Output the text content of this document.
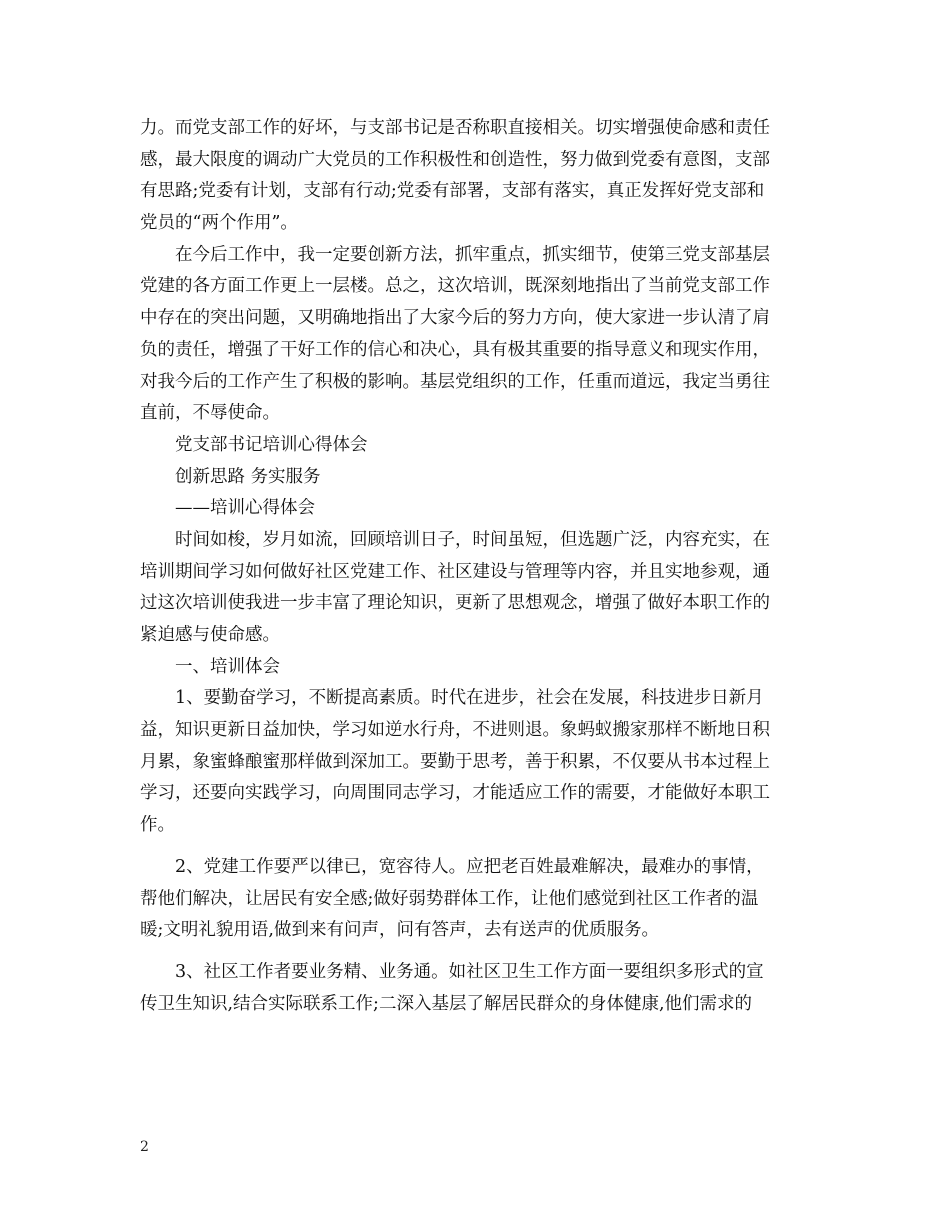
力。而党支部工作的好坏，与支部书记是否称职直接相关。切实增强使命感和责任
感，最大限度的调动广大党员的工作积极性和创造性，努力做到党委有意图，支部
有思路;党委有计划，支部有行动;党委有部署，支部有落实，真正发挥好党支部和
党员的“两个作用”。
在今后工作中，我一定要创新方法，抓牢重点，抓实细节，使第三党支部基层
党建的各方面工作更上一层楼。总之，这次培训，既深刻地指出了当前党支部工作
中存在的突出问题，又明确地指出了大家今后的努力方向，使大家进一步认清了肩
负的责任，增强了干好工作的信心和决心，具有极其重要的指导意义和现实作用，
对我今后的工作产生了积极的影响。基层党组织的工作，任重而道远，我定当勇往
直前，不辱使命。
党支部书记培训心得体会
创新思路 务实服务
——培训心得体会
时间如梭，岁月如流，回顾培训日子，时间虽短，但选题广泛，内容充实，在
培训期间学习如何做好社区党建工作、社区建设与管理等内容，并且实地参观，通
过这次培训使我进一步丰富了理论知识，更新了思想观念，增强了做好本职工作的
紧迫感与使命感。
一、培训体会
1、要勤奋学习，不断提高素质。时代在进步，社会在发展，科技进步日新月
益，知识更新日益加快，学习如逆水行舟，不进则退。象蚂蚁搬家那样不断地日积
月累，象蜜蜂酿蜜那样做到深加工。要勤于思考，善于积累，不仅要从书本过程上
学习，还要向实践学习，向周围同志学习，才能适应工作的需要，才能做好本职工
作。
2、党建工作要严以律已，宽容待人。应把老百姓最难解决，最难办的事情，
帮他们解决，让居民有安全感;做好弱势群体工作，让他们感觉到社区工作者的温
暖;文明礼貌用语,做到来有问声，问有答声，去有送声的优质服务。
3、社区工作者要业务精、业务通。如社区卫生工作方面一要组织多形式的宣
传卫生知识,结合实际联系工作;二深入基层了解居民群众的身体健康,他们需求的
2
